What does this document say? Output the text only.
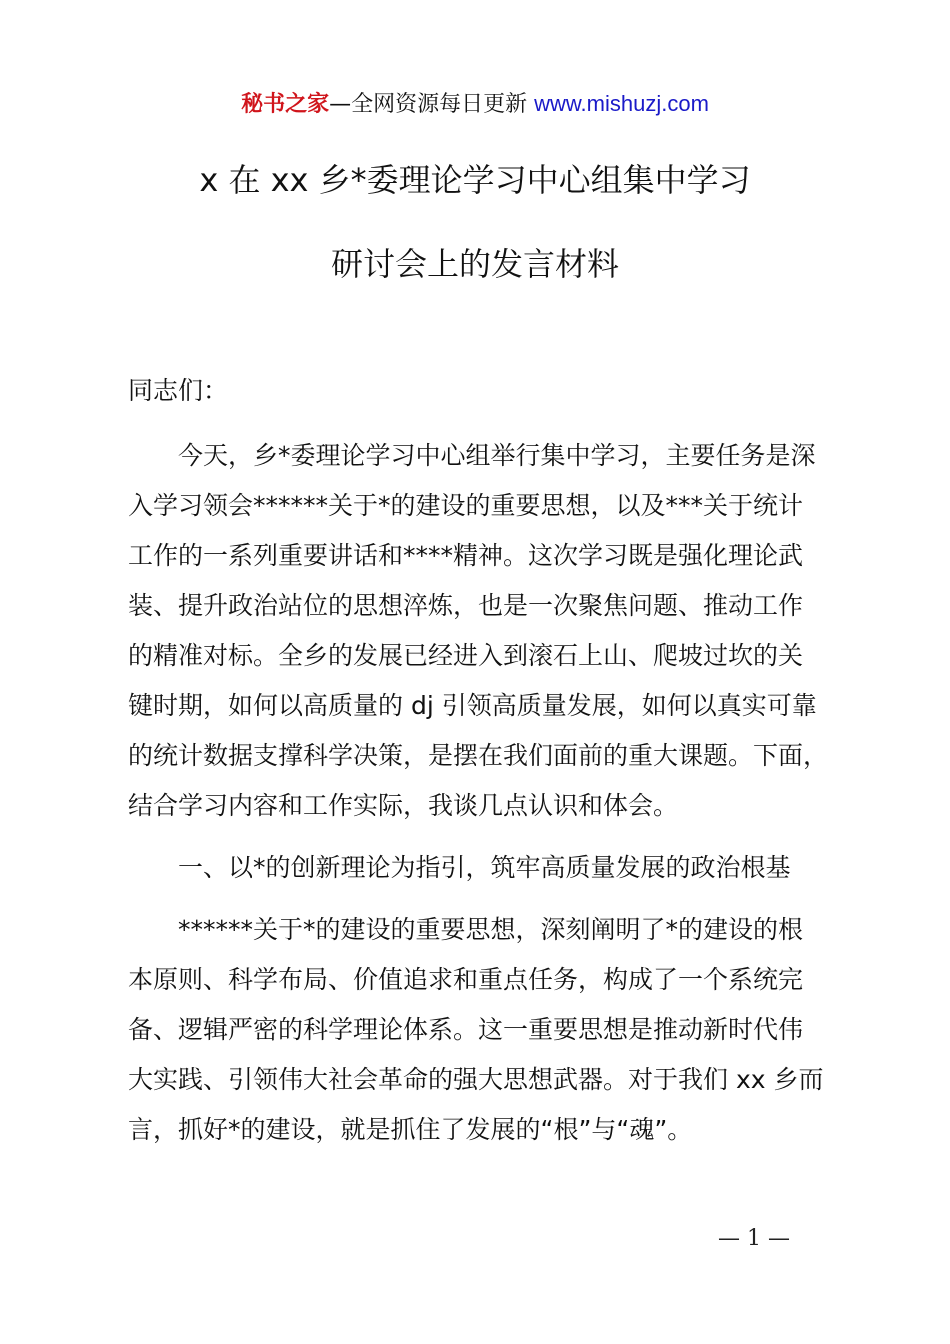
秘书之家—全网资源每日更新 www.mishuzj.com
x 在 xx 乡*委理论学习中心组集中学习
研讨会上的发言材料
同志们：
今天，乡*委理论学习中心组举行集中学习，主要任务是深
入学习领会******关于*的建设的重要思想，以及***关于统计
工作的一系列重要讲话和****精神。这次学习既是强化理论武
装、提升政治站位的思想淬炼，也是一次聚焦问题、推动工作
的精准对标。全乡的发展已经进入到滚石上山、爬坡过坎的关
键时期，如何以高质量的 dj 引领高质量发展，如何以真实可靠
的统计数据支撑科学决策，是摆在我们面前的重大课题。下面，
结合学习内容和工作实际，我谈几点认识和体会。
一、以*的创新理论为指引，筑牢高质量发展的政治根基
******关于*的建设的重要思想，深刻阐明了*的建设的根
本原则、科学布局、价值追求和重点任务，构成了一个系统完
备、逻辑严密的科学理论体系。这一重要思想是推动新时代伟
大实践、引领伟大社会革命的强大思想武器。对于我们 xx 乡而
言，抓好*的建设，就是抓住了发展的“根”与“魂”。
— 1 —
